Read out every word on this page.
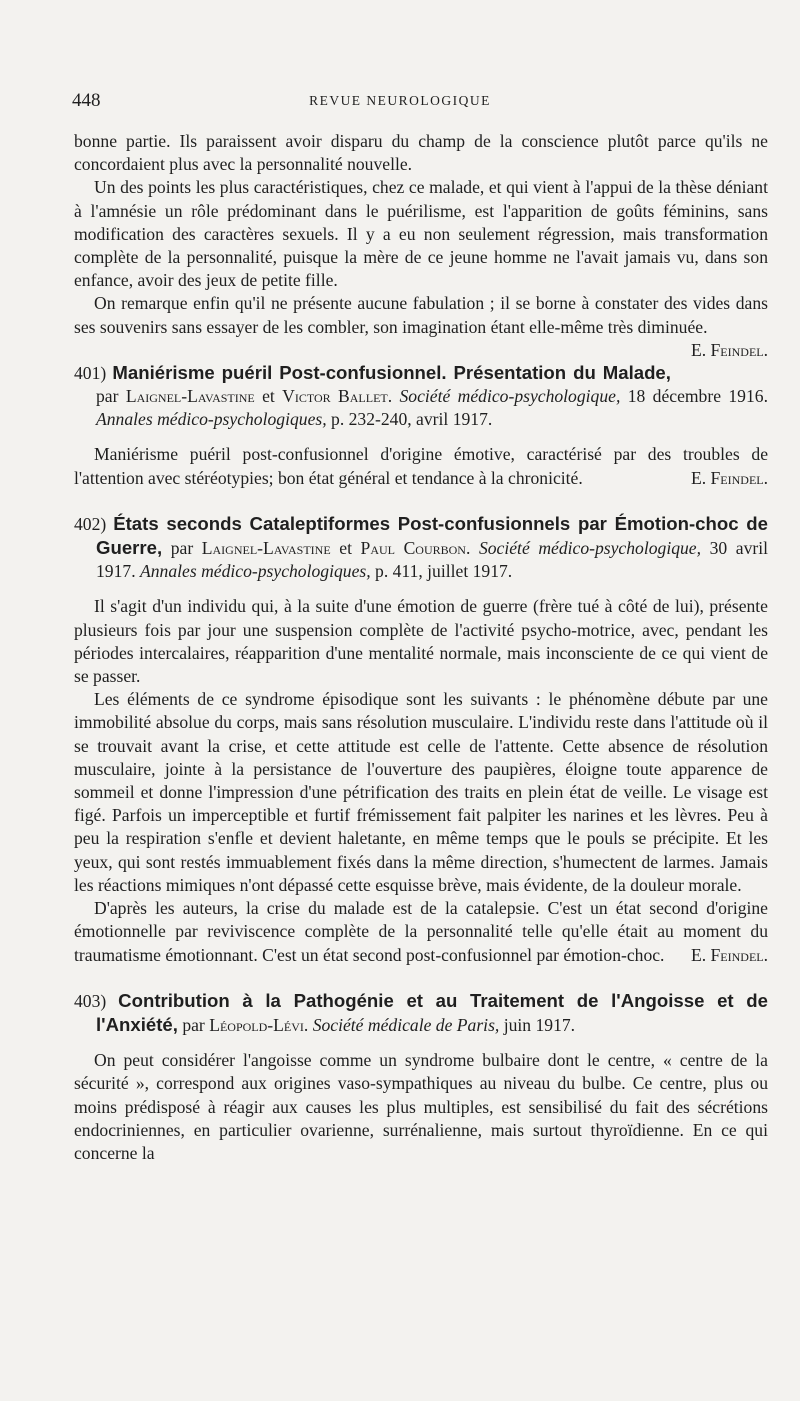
448	REVUE NEUROLOGIQUE

bonne partie. Ils paraissent avoir disparu du champ de la conscience plutôt parce qu'ils ne concordaient plus avec la personnalité nouvelle.

Un des points les plus caractéristiques, chez ce malade, et qui vient à l'appui de la thèse déniant à l'amnésie un rôle prédominant dans le puérilisme, est l'apparition de goûts féminins, sans modification des caractères sexuels. Il y a eu non seulement régression, mais transformation complète de la personnalité, puisque la mère de ce jeune homme ne l'avait jamais vu, dans son enfance, avoir des jeux de petite fille.

On remarque enfin qu'il ne présente aucune fabulation ; il se borne à constater des vides dans ses souvenirs sans essayer de les combler, son imagination étant elle-même très diminuée.
E. Feindel.

401) Maniérisme puéril Post-confusionnel. Présentation du Malade, par Laignel-Lavastine et Victor Ballet. Société médico-psychologique, 18 décembre 1916. Annales médico-psychologiques, p. 232-240, avril 1917.

Maniérisme puéril post-confusionnel d'origine émotive, caractérisé par des troubles de l'attention avec stéréotypies; bon état général et tendance à la chronicité.	E. Feindel.

402) États seconds Cataleptiformes Post-confusionnels par Émotion-choc de Guerre, par Laignel-Lavastine et Paul Courbon. Société médico-psychologique, 30 avril 1917. Annales médico-psychologiques, p. 411, juillet 1917.

Il s'agit d'un individu qui, à la suite d'une émotion de guerre (frère tué à côté de lui), présente plusieurs fois par jour une suspension complète de l'activité psycho-motrice, avec, pendant les périodes intercalaires, réapparition d'une mentalité normale, mais inconsciente de ce qui vient de se passer.

Les éléments de ce syndrome épisodique sont les suivants : le phénomène débute par une immobilité absolue du corps, mais sans résolution musculaire. L'individu reste dans l'attitude où il se trouvait avant la crise, et cette attitude est celle de l'attente. Cette absence de résolution musculaire, jointe à la persistance de l'ouverture des paupières, éloigne toute apparence de sommeil et donne l'impression d'une pétrification des traits en plein état de veille. Le visage est figé. Parfois un imperceptible et furtif frémissement fait palpiter les narines et les lèvres. Peu à peu la respiration s'enfle et devient haletante, en même temps que le pouls se précipite. Et les yeux, qui sont restés immuablement fixés dans la même direction, s'humectent de larmes. Jamais les réactions mimiques n'ont dépassé cette esquisse brève, mais évidente, de la douleur morale.

D'après les auteurs, la crise du malade est de la catalepsie. C'est un état second d'origine émotionnelle par reviviscence complète de la personnalité telle qu'elle était au moment du traumatisme émotionnant. C'est un état second post-confusionnel par émotion-choc.	E. Feindel.

403) Contribution à la Pathogénie et au Traitement de l'Angoisse et de l'Anxiété, par Léopold-Lévi. Société médicale de Paris, juin 1917.

On peut considérer l'angoisse comme un syndrome bulbaire dont le centre, « centre de la sécurité », correspond aux origines vaso-sympathiques au niveau du bulbe. Ce centre, plus ou moins prédisposé à réagir aux causes les plus multiples, est sensibilisé du fait des sécrétions endocriniennes, en particulier ovarienne, surrénalienne, mais surtout thyroïdienne. En ce qui concerne la
